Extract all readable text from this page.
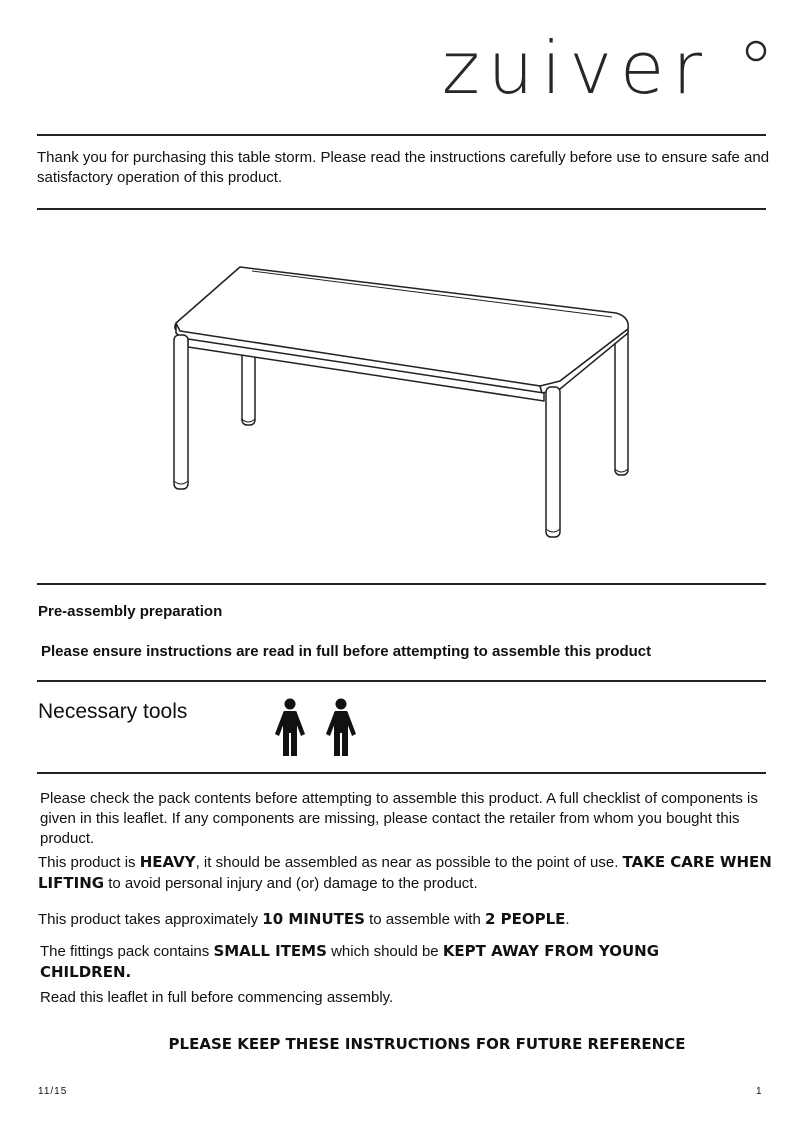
zuiver
Thank you for purchasing this table storm. Please read the instructions carefully before use to ensure safe and satisfactory operation of this product.
Pre-assembly preparation
Please ensure instructions are read in full before attempting to assemble this product
Necessary tools
Please check the pack contents before attempting to assemble this product. A full checklist of components is given in this leaflet. If any components are missing, please contact the retailer from whom you bought this product.
This product is HEAVY, it should be assembled as near as possible to the point of use. TAKE CARE WHEN LIFTING to avoid personal injury and (or) damage to the product.
This product takes approximately 10 MINUTES to assemble with 2 PEOPLE.
The fittings pack contains SMALL ITEMS which should be KEPT AWAY FROM YOUNG CHILDREN.
Read this leaflet in full before commencing assembly.
PLEASE KEEP THESE INSTRUCTIONS FOR FUTURE REFERENCE
11/15	1
